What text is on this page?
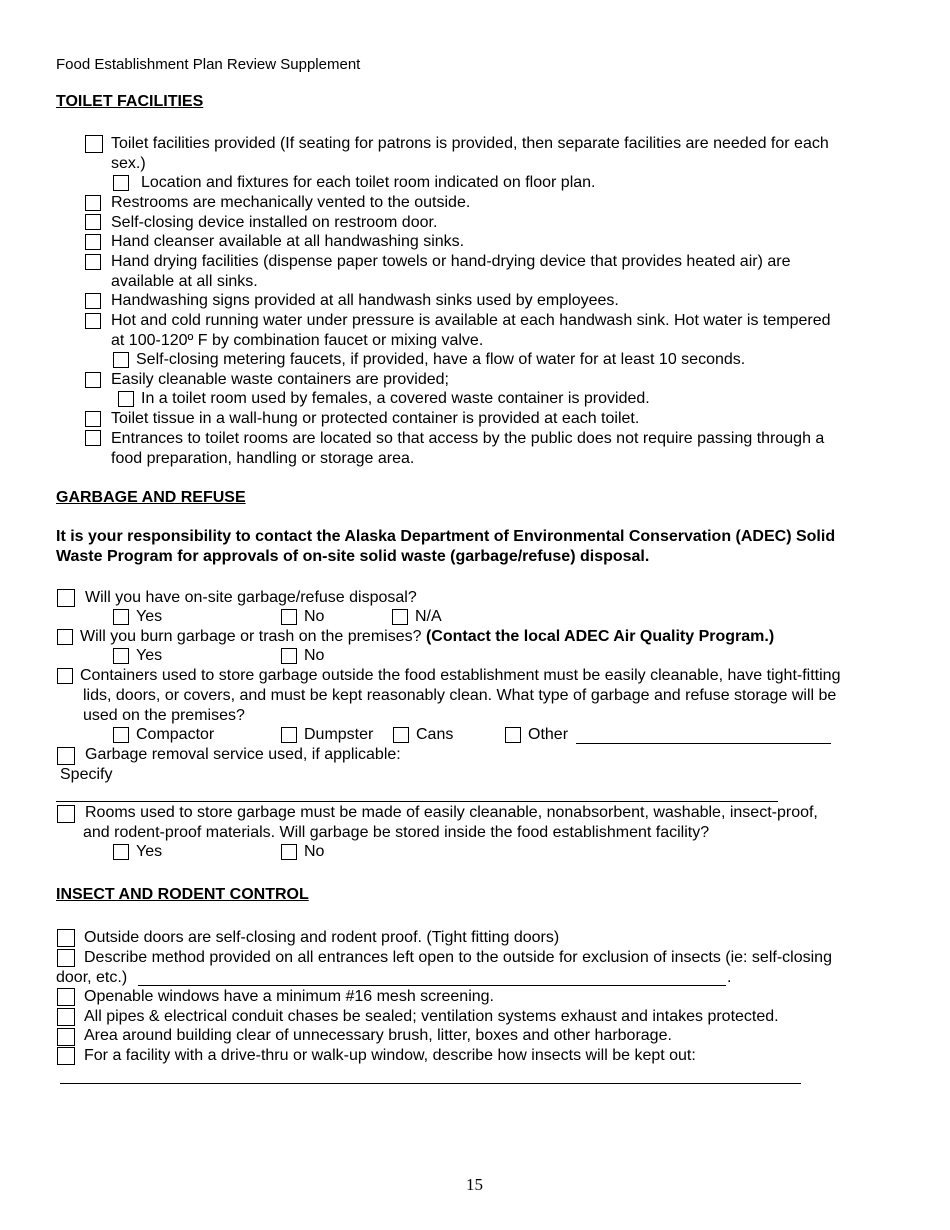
Food Establishment Plan Review Supplement
TOILET FACILITIES
Toilet facilities provided (If seating for patrons is provided, then separate facilities are needed for each
sex.)
Location and fixtures for each toilet room indicated on floor plan.
Restrooms are mechanically vented to the outside.
Self-closing device installed on restroom door.
Hand cleanser available at all handwashing sinks.
Hand drying facilities (dispense paper towels or hand-drying device that provides heated air) are
available at all sinks.
Handwashing signs provided at all handwash sinks used by employees.
Hot and cold running water under pressure is available at each handwash sink. Hot water is tempered
at 100-120º F by combination faucet or mixing valve.
Self-closing metering faucets, if provided, have a flow of water for at least 10 seconds.
Easily cleanable waste containers are provided;
In a toilet room used by females, a covered waste container is provided.
Toilet tissue in a wall-hung or protected container is provided at each toilet.
Entrances to toilet rooms are located so that access by the public does not require passing through a
food preparation, handling or storage area.
GARBAGE AND REFUSE
It is your responsibility to contact the Alaska Department of Environmental Conservation (ADEC) Solid
Waste Program for approvals of on-site solid waste (garbage/refuse) disposal.
Will you have on-site garbage/refuse disposal?
Yes	No	N/A
Will you burn garbage or trash on the premises? (Contact the local ADEC Air Quality Program.)
Yes	No
Containers used to store garbage outside the food establishment must be easily cleanable, have tight-fitting
lids, doors, or covers, and must be kept reasonably clean. What type of garbage and refuse storage will be
used on the premises?
Compactor	Dumpster	Cans	Other
Garbage removal service used, if applicable:
Specify
Rooms used to store garbage must be made of easily cleanable, nonabsorbent, washable, insect-proof,
and rodent-proof materials. Will garbage be stored inside the food establishment facility?
Yes	No
INSECT AND RODENT CONTROL
Outside doors are self-closing and rodent proof. (Tight fitting doors)
Describe method provided on all entrances left open to the outside for exclusion of insects (ie: self-closing
door, etc.)	.
Openable windows have a minimum #16 mesh screening.
All pipes & electrical conduit chases be sealed; ventilation systems exhaust and intakes protected.
Area around building clear of unnecessary brush, litter, boxes and other harborage.
For a facility with a drive-thru or walk-up window, describe how insects will be kept out:
15
